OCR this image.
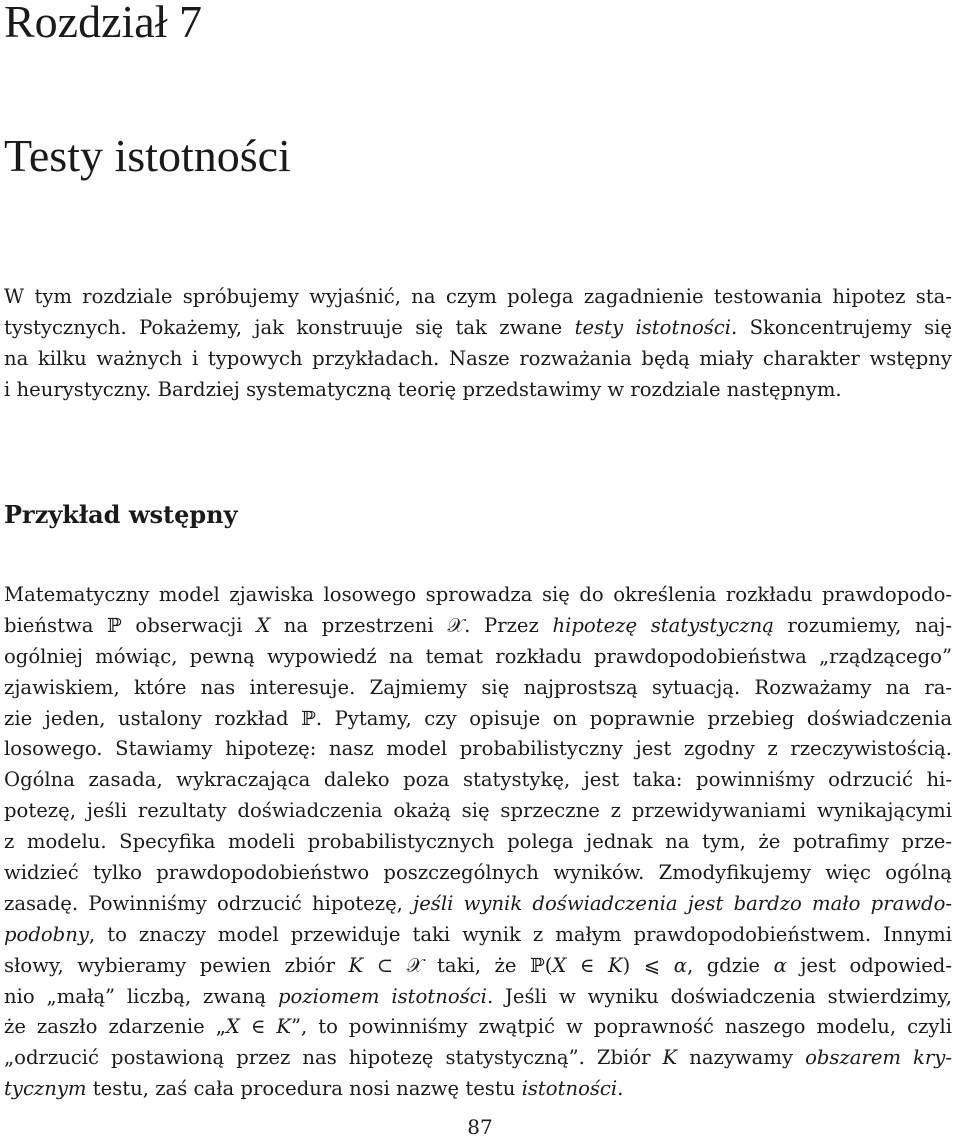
Rozdział 7
Testy istotności
W tym rozdziale spróbujemy wyjaśnić, na czym polega zagadnienie testowania hipotez sta-
tystycznych. Pokażemy, jak konstruuje się tak zwane testy istotności. Skoncentrujemy się
na kilku ważnych i typowych przykładach. Nasze rozważania będą miały charakter wstępny
i heurystyczny. Bardziej systematyczną teorię przedstawimy w rozdziale następnym.
Przykład wstępny
Matematyczny model zjawiska losowego sprowadza się do określenia rozkładu prawdopodo-
bieństwa ℙ obserwacji X na przestrzeni 𝒳. Przez hipotezę statystyczną rozumiemy, naj-
ogólniej mówiąc, pewną wypowiedź na temat rozkładu prawdopodobieństwa „rządzącego”
zjawiskiem, które nas interesuje. Zajmiemy się najprostszą sytuacją. Rozważamy na ra-
zie jeden, ustalony rozkład ℙ. Pytamy, czy opisuje on poprawnie przebieg doświadczenia
losowego. Stawiamy hipotezę: nasz model probabilistyczny jest zgodny z rzeczywistością.
Ogólna zasada, wykraczająca daleko poza statystykę, jest taka: powinniśmy odrzucić hi-
potezę, jeśli rezultaty doświadczenia okażą się sprzeczne z przewidywaniami wynikającymi
z modelu. Specyfika modeli probabilistycznych polega jednak na tym, że potrafimy prze-
widzieć tylko prawdopodobieństwo poszczególnych wyników. Zmodyfikujemy więc ogólną
zasadę. Powinniśmy odrzucić hipotezę, jeśli wynik doświadczenia jest bardzo mało prawdo-
podobny, to znaczy model przewiduje taki wynik z małym prawdopodobieństwem. Innymi
słowy, wybieramy pewien zbiór K ⊂ 𝒳 taki, że ℙ(X ∈ K) ⩽ α, gdzie α jest odpowied-
nio „małą” liczbą, zwaną poziomem istotności. Jeśli w wyniku doświadczenia stwierdzimy,
że zaszło zdarzenie „X ∈ K”, to powinniśmy zwątpić w poprawność naszego modelu, czyli
„odrzucić postawioną przez nas hipotezę statystyczną”. Zbiór K nazywamy obszarem kry-
tycznym testu, zaś cała procedura nosi nazwę testu istotności.
87
